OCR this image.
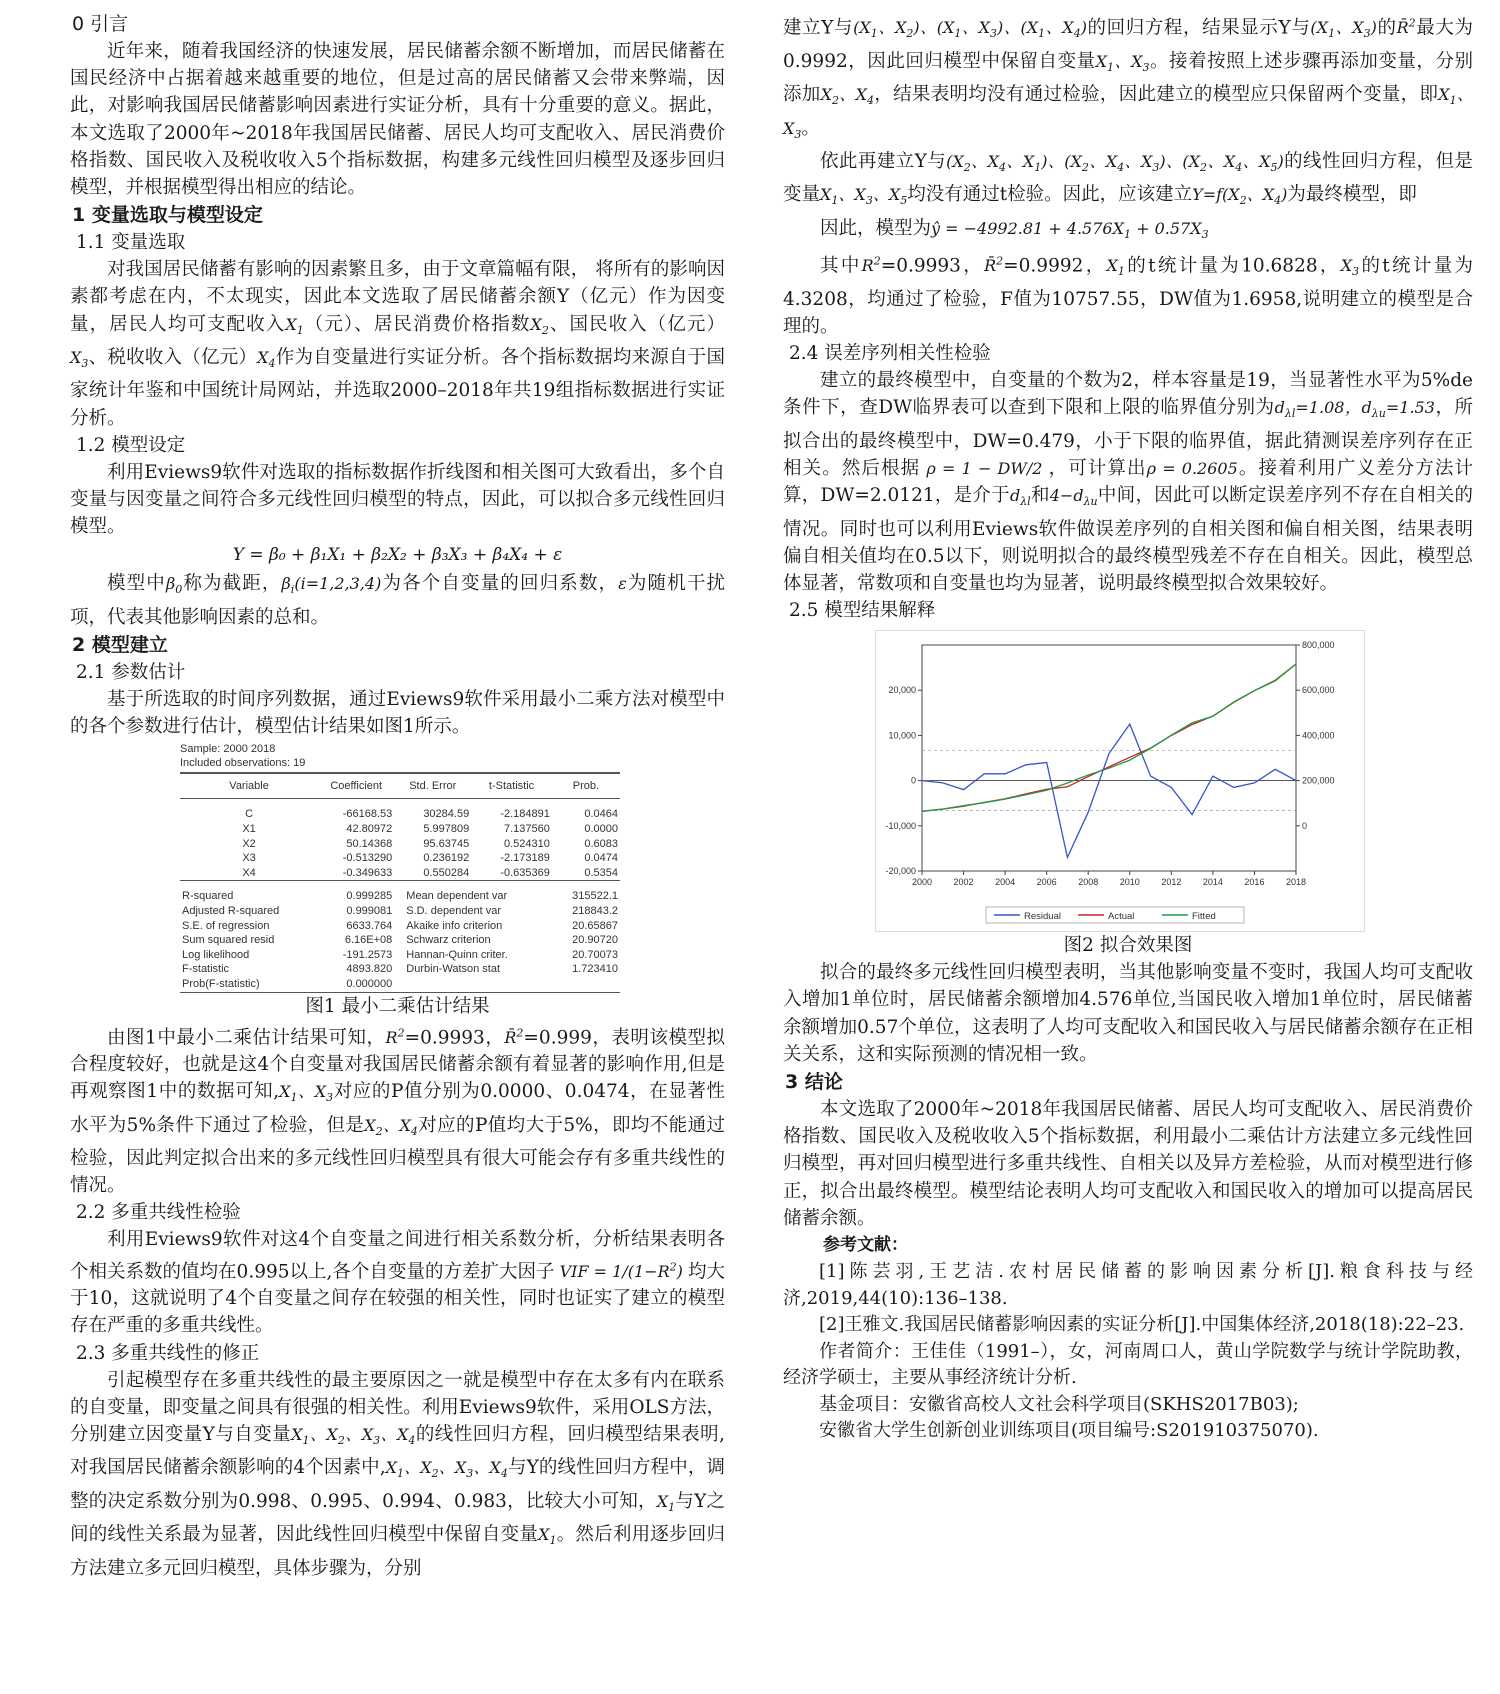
0 引言

近年来，随着我国经济的快速发展，居民储蓄余额不断增加，而居民储蓄在国民经济中占据着越来越重要的地位，但是过高的居民储蓄又会带来弊端，因此，对影响我国居民储蓄影响因素进行实证分析，具有十分重要的意义。据此，本文选取了2000年~2018年我国居民储蓄、居民人均可支配收入、居民消费价格指数、国民收入及税收收入5个指标数据，构建多元线性回归模型及逐步回归模型，并根据模型得出相应的结论。

1 变量选取与模型设定
1.1 变量选取

对我国居民储蓄有影响的因素繁且多，由于文章篇幅有限， 将所有的影响因素都考虑在内，不太现实，因此本文选取了居民储蓄余额Y（亿元）作为因变量，居民人均可支配收入$X_1$（元）、居民消费价格指数$X_2$、国民收入（亿元）$X_3$、税收收入（亿元）$X_4$作为自变量进行实证分析。各个指标数据均来源自于国家统计年鉴和中国统计局网站，并选取2000–2018年共19组指标数据进行实证分析。

1.2 模型设定

利用Eviews9软件对选取的指标数据作折线图和相关图可大致看出，多个自变量与因变量之间符合多元线性回归模型的特点，因此，可以拟合多元线性回归模型。

Y = β₀ + β₁X₁ + β₂X₂ + β₃X₃ + β₄X₄ + ε

模型中$\beta_0$称为截距，$\beta_i(i=1,2,3,4)$为各个自变量的回归系数，ε为随机干扰项，代表其他影响因素的总和。

2 模型建立
2.1 参数估计

基于所选取的时间序列数据，通过Eviews9软件采用最小二乘方法对模型中的各个参数进行估计，模型估计结果如图1所示。

Sample: 2000 2018
Included observations: 19
Variable	Coefficient	Std. Error	t-Statistic	Prob.

C	-66168.53	30284.59	-2.184891	0.0464
X1	42.80972	5.997809	7.137560	0.0000
X2	50.14368	95.63745	0.524310	0.6083
X3	-0.513290	0.236192	-2.173189	0.0474
X4	-0.349633	0.550284	-0.635369	0.5354

R-squared	0.999285	Mean dependent var		315522.1
Adjusted R-squared	0.999081	S.D. dependent var		218843.2
S.E. of regression	6633.764	Akaike info criterion		20.65867
Sum squared resid	6.16E+08	Schwarz criterion		20.90720
Log likelihood	-191.2573	Hannan-Quinn criter.		20.70073
F-statistic	4893.820	Durbin-Watson stat		1.723410
Prob(F-statistic)	0.000000			
图1 最小二乘估计结果

由图1中最小二乘估计结果可知，$R^2=0.9993$，R̄$^2$=0.999，表明该模型拟合程度较好，也就是这4个自变量对我国居民储蓄余额有着显著的影响作用,但是再观察图1中的数据可知$,X_1$、$X_3$对应的P值分别为0.0000、0.0474，在显著性水平为5%条件下通过了检验，但是$X_2$、$X_4$对应的P值均大于5%，即均不能通过检验，因此判定拟合出来的多元线性回归模型具有很大可能会存有多重共线性的情况。

2.2 多重共线性检验

利用Eviews9软件对这4个自变量之间进行相关系数分析，分析结果表明各个相关系数的值均在0.995以上,各个自变量的方差扩大因子 VIF = $1/(1-R^2)$ 均大于10，这就说明了4个自变量之间存在较强的相关性，同时也证实了建立的模型存在严重的多重共线性。

2.3 多重共线性的修正

引起模型存在多重共线性的最主要原因之一就是模型中存在太多有内在联系的自变量，即变量之间具有很强的相关性。利用Eviews9软件，采用OLS方法，分别建立因变量Y与自变量$X_1$、$X_2$、$X_3$、$X_4$的线性回归方程，回归模型结果表明,对我国居民储蓄余额影响的4个因素中$,X_1$、$X_2$、$X_3$、$X_4$与Y的线性回归方程中，调整的决定系数分别为0.998、0.995、0.994、0.983，比较大小可知，$X_1$与Y之间的线性关系最为显著，因此线性回归模型中保留自变量$X_1$。然后利用逐步回归方法建立多元回归模型，具体步骤为，分别

建立Y与($X_1$、$X_2$)、($X_1$、$X_3$)、($X_1$、$X_4$)的回归方程，结果显示Y与($X_1$、$X_3$)的R̄$^2$最大为0.9992，因此回归模型中保留自变量$X_1$、$X_3$。接着按照上述步骤再添加变量，分别添加$X_2$、$X_4$，结果表明均没有通过检验，因此建立的模型应只保留两个变量，即$X_1$、$X_3$。

依此再建立Y与($X_2$、$X_4$、$X_1$)、($X_2$、$X_4$、$X_3$)、($X_2$、$X_4$、$X_5$)的线性回归方程，但是变量$X_1$、$X_3$、$X_5$均没有通过t检验。因此，应该建立$Y=f(X_2$、$X_4$)为最终模型，即

因此，模型为ŷ = $-4992.81 + 4.576X_1 + 0.57X_3$

其中$R^2=0.9993$，R̄$^2$=0.9992，$X_1$的t统计量为10.6828，$X_3$的t统计量为4.3208，均通过了检验，F值为10757.55，DW值为1.6958,说明建立的模型是合理的。

2.4 误差序列相关性检验

建立的最终模型中，自变量的个数为2，样本容量是19，当显著性水平为5%de条件下，查DW临界表可以查到下限和上限的临界值分别为$d_{\lambda l}=1.08$，$d_{\lambda u}=1.53$，所拟合出的最终模型中，DW=0.479，小于下限的临界值，据此猜测误差序列存在正相关。然后根据 ρ = 1 − DW/2 ，可计算出ρ = 0.2605。接着利用广义差分方法计算，DW=2.0121，是介于$d_{\lambda l}$和$4-d_{\lambda u}$中间，因此可以断定误差序列不存在自相关的情况。同时也可以利用Eviews软件做误差序列的自相关图和偏自相关图，结果表明偏自相关值均在0.5以下，则说明拟合的最终模型残差不存在自相关。因此，模型总体显著，常数项和自变量也均为显著，说明最终模型拟合效果较好。

2.5 模型结果解释
-20,000
-10,000
0
10,000
20,000
0
200,000
400,000
600,000
800,000
2000 2002 2004 2006 2008 2010 2012 2014 2016 2018
Residual	Actual	Fitted
图2 拟合效果图

拟合的最终多元线性回归模型表明，当其他影响变量不变时，我国人均可支配收入增加1单位时，居民储蓄余额增加4.576单位,当国民收入增加1单位时，居民储蓄余额增加0.57个单位，这表明了人均可支配收入和国民收入与居民储蓄余额存在正相关关系，这和实际预测的情况相一致。

3 结论

本文选取了2000年~2018年我国居民储蓄、居民人均可支配收入、居民消费价格指数、国民收入及税收收入5个指标数据，利用最小二乘估计方法建立多元线性回归模型，再对回归模型进行多重共线性、自相关以及异方差检验，从而对模型进行修正，拟合出最终模型。模型结论表明人均可支配收入和国民收入的增加可以提高居民储蓄余额。

参考文献：

[1]陈芸羽,王艺洁.农村居民储蓄的影响因素分析[J].粮食科技与经济,2019,44(10):136–138.

[2]王雅文.我国居民储蓄影响因素的实证分析[J].中国集体经济,2018(18):22–23.

作者简介：王佳佳（1991–），女，河南周口人，黄山学院数学与统计学院助教，经济学硕士，主要从事经济统计分析.

基金项目：安徽省高校人文社会科学项目(SKHS2017B03);

安徽省大学生创新创业训练项目(项目编号:S201910375070).
